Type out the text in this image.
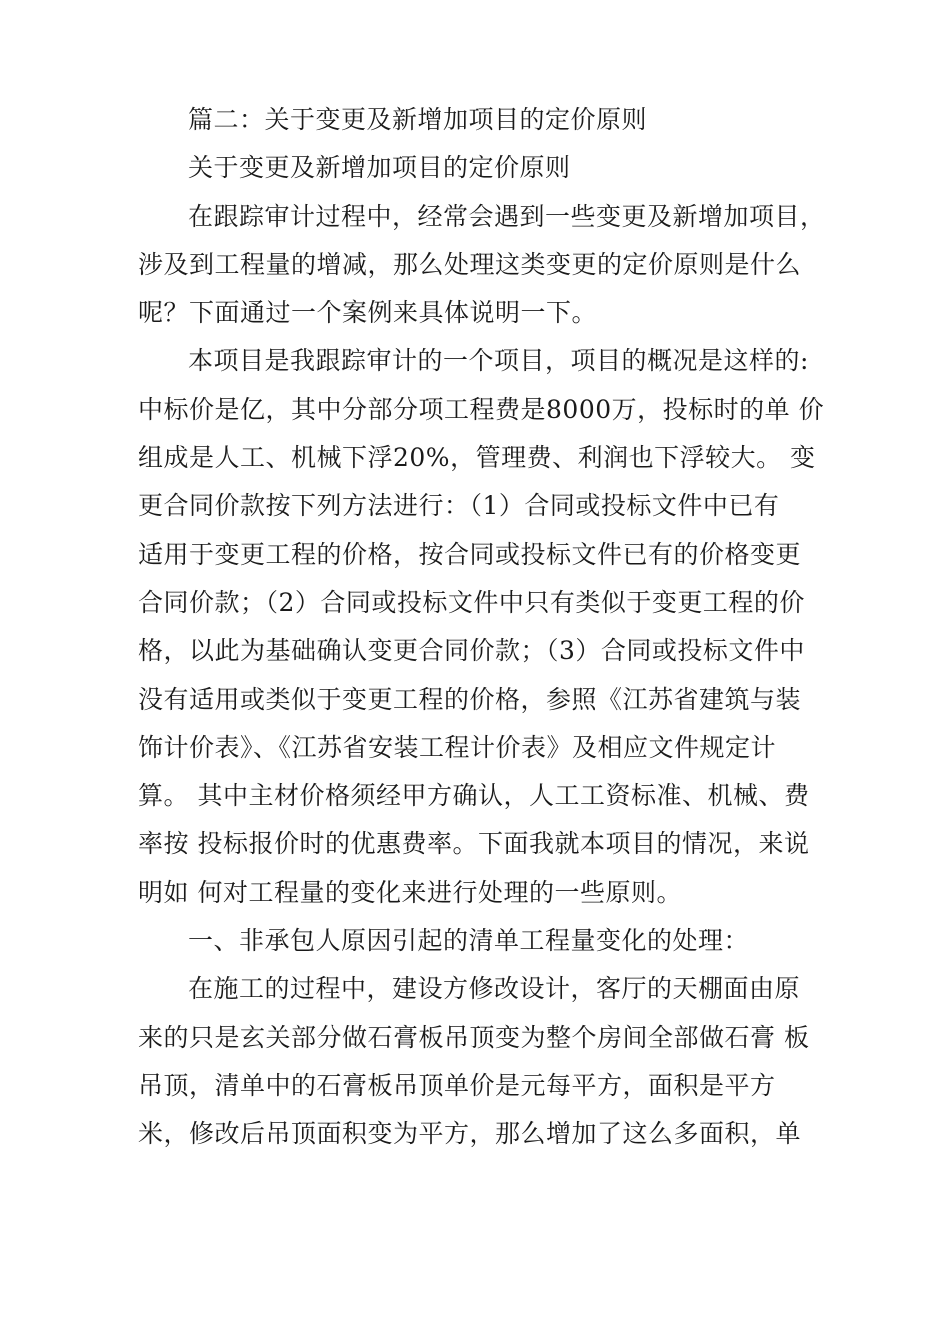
篇二：关于变更及新增加项目的定价原则
关于变更及新增加项目的定价原则
在跟踪审计过程中，经常会遇到一些变更及新增加项目，
涉及到工程量的增减，那么处理这类变更的定价原则是什么
呢？下面通过一个案例来具体说明一下。
本项目是我跟踪审计的一个项目，项目的概况是这样的:
中标价是亿，其中分部分项工程费是8000万，投标时的单 价
组成是人工、机械下浮20%，管理费、利润也下浮较大。 变
更合同价款按下列方法进行：（1）合同或投标文件中已有
适用于变更工程的价格，按合同或投标文件已有的价格变更
合同价款；（2）合同或投标文件中只有类似于变更工程的价
格，以此为基础确认变更合同价款；（3）合同或投标文件中
没有适用或类似于变更工程的价格，参照《江苏省建筑与装
饰计价表》、《江苏省安装工程计价表》及相应文件规定计
算。 其中主材价格须经甲方确认，人工工资标准、机械、费
率按 投标报价时的优惠费率。下面我就本项目的情况，来说
明如 何对工程量的变化来进行处理的一些原则。
一、非承包人原因引起的清单工程量变化的处理：
在施工的过程中，建设方修改设计，客厅的天棚面由原
来的只是玄关部分做石膏板吊顶变为整个房间全部做石膏 板
吊顶，清单中的石膏板吊顶单价是元每平方，面积是平方
米，修改后吊顶面积变为平方，那么增加了这么多面积，单
